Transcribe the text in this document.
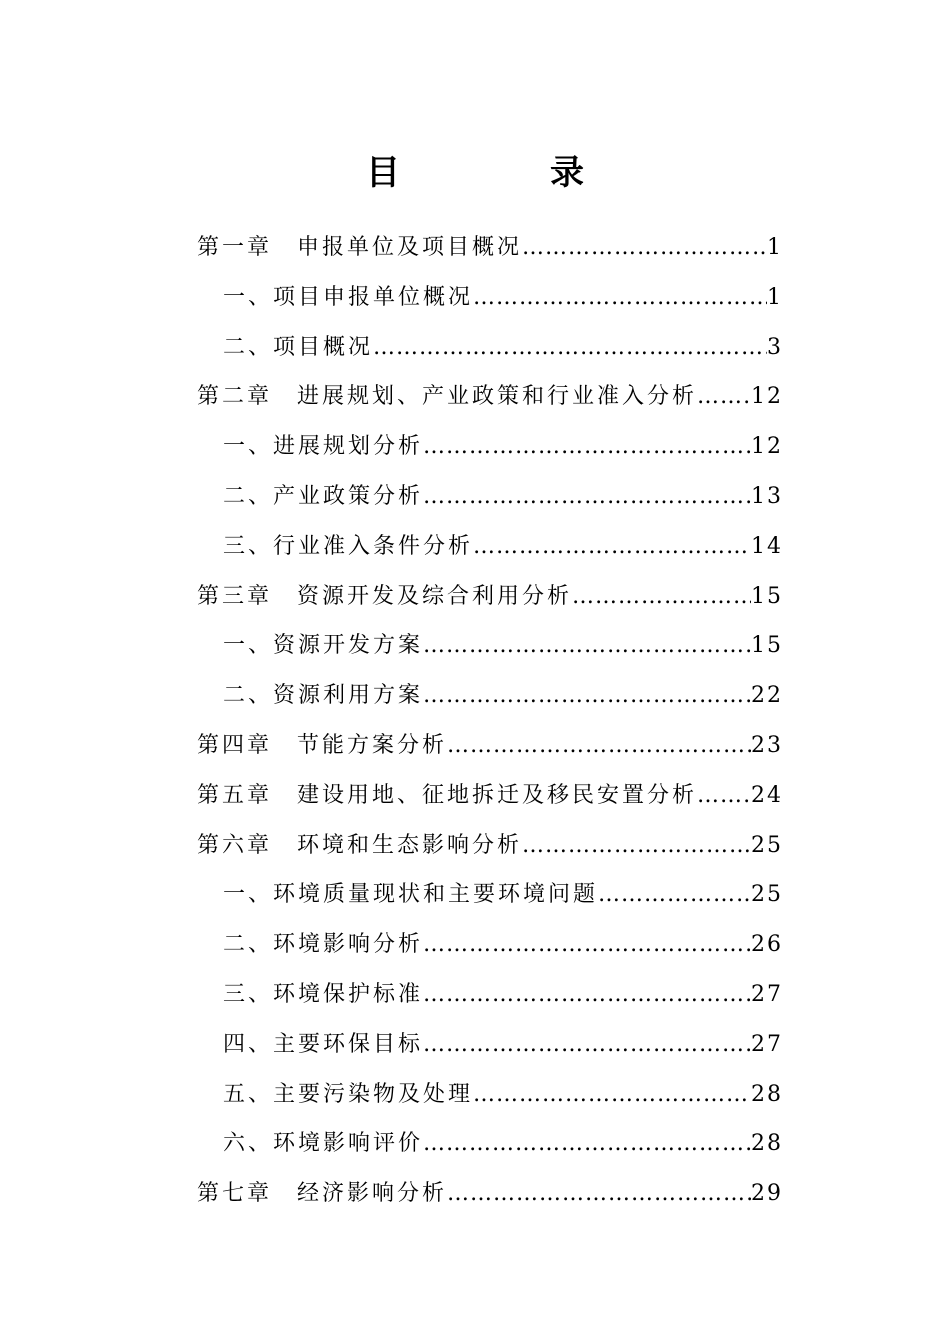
目　录
第一章	申报单位及项目概况 ……………………………………………………………………………………………………	1
一、 项目申报单位概况 ……………………………………………………………………………………………………	1
二、 项目概况 ……………………………………………………………………………………………………	3
第二章	进展规划、产业政策和行业准入分析 …………………………………………………………………………………………………… 12
一、 进展规划分析 ……………………………………………………………………………………………………	12
二、 产业政策分析 ……………………………………………………………………………………………………	13
三、 行业准入条件分析 ……………………………………………………………………………………………………	14
第三章	资源开发及综合利用分析 ……………………………………………………………………………………………………	15
一、 资源开发方案 ……………………………………………………………………………………………………	15
二、 资源利用方案 ……………………………………………………………………………………………………	22
第四章	节能方案分析 ……………………………………………………………………………………………………	23
第五章	建设用地、征地拆迁及移民安置分析 …………………………………………………………………………………………………… 24
第六章	环境和生态影响分析 ……………………………………………………………………………………………………	25
一、 环境质量现状和主要环境问题 ……………………………………………………………………………………………………	25
二、 环境影响分析 ……………………………………………………………………………………………………	26
三、 环境保护标准 ……………………………………………………………………………………………………	27
四、 主要环保目标 ……………………………………………………………………………………………………	27
五、 主要污染物及处理 ……………………………………………………………………………………………………	28
六、 环境影响评价 ……………………………………………………………………………………………………	28
第七章	经济影响分析 ……………………………………………………………………………………………………	29
